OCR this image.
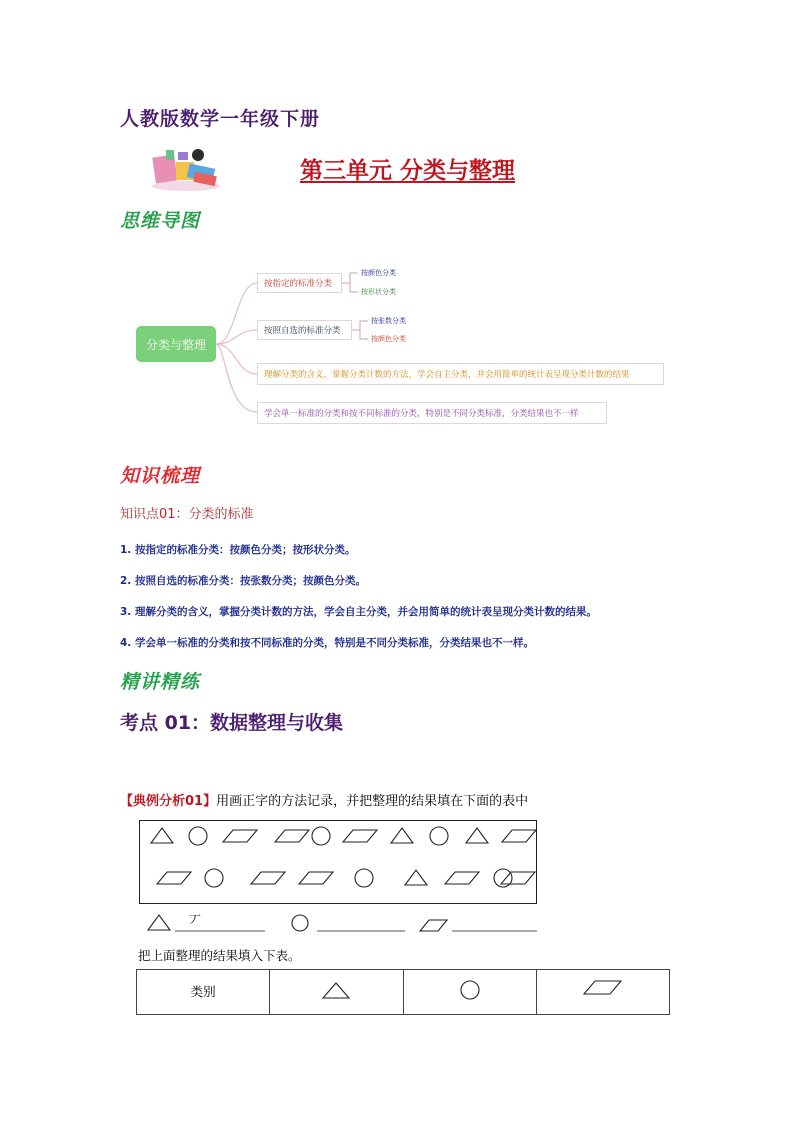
人教版数学一年级下册
第三单元 分类与整理
思维导图
分类与整理
按指定的标准分类
按颜色分类
按形状分类
按照自选的标准分类
按张数分类
按颜色分类
理解分类的含义，掌握分类计数的方法，学会自主分类，并会用简单的统计表呈现分类计数的结果
学会单一标准的分类和按不同标准的分类，特别是不同分类标准，分类结果也不一样
知识梳理
知识点01：分类的标准
1. 按指定的标准分类：按颜色分类；按形状分类。
2. 按照自选的标准分类：按张数分类；按颜色分类。
3. 理解分类的含义，掌握分类计数的方法，学会自主分类，并会用简单的统计表呈现分类计数的结果。
4. 学会单一标准的分类和按不同标准的分类，特别是不同分类标准，分类结果也不一样。
精讲精练
考点 01：数据整理与收集
【典例分析01】用画正字的方法记录，并把整理的结果填在下面的表中
丆
把上面整理的结果填入下表。
类别			
